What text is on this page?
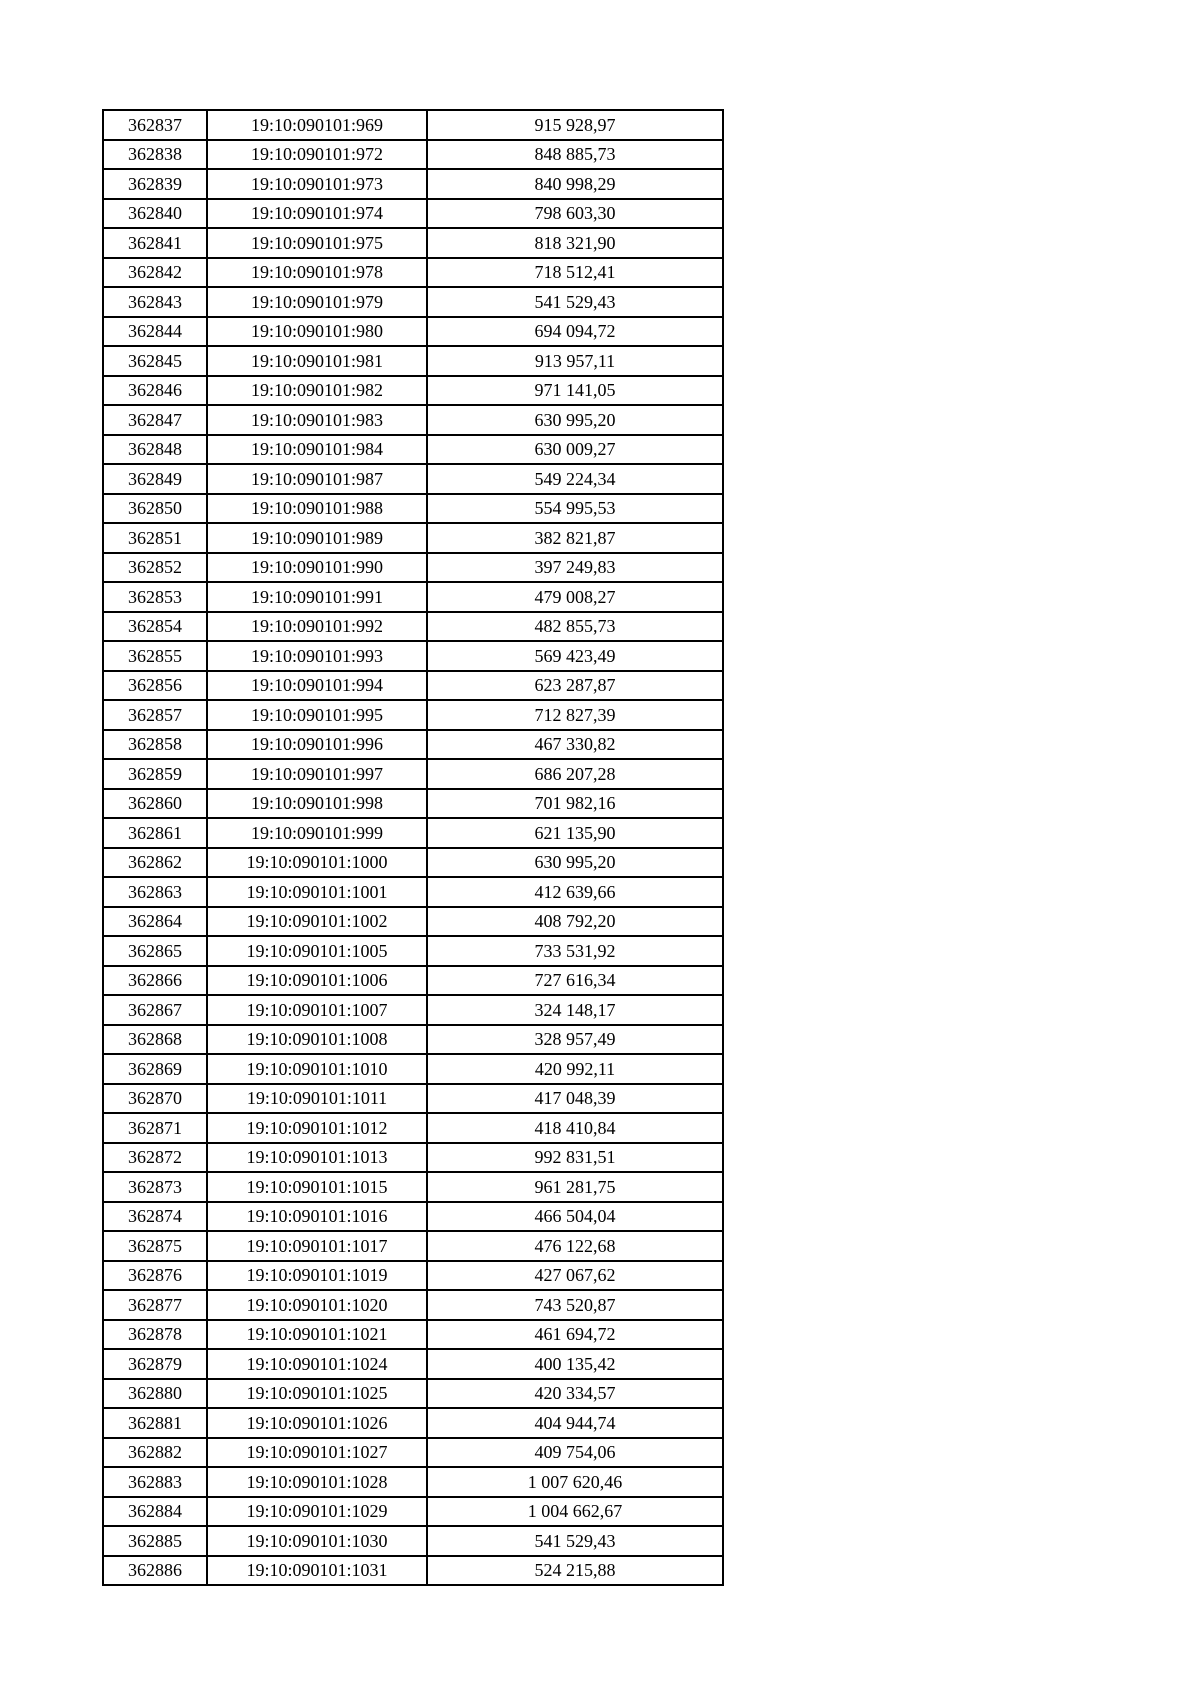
362837	19:10:090101:969	915 928,97
362838	19:10:090101:972	848 885,73
362839	19:10:090101:973	840 998,29
362840	19:10:090101:974	798 603,30
362841	19:10:090101:975	818 321,90
362842	19:10:090101:978	718 512,41
362843	19:10:090101:979	541 529,43
362844	19:10:090101:980	694 094,72
362845	19:10:090101:981	913 957,11
362846	19:10:090101:982	971 141,05
362847	19:10:090101:983	630 995,20
362848	19:10:090101:984	630 009,27
362849	19:10:090101:987	549 224,34
362850	19:10:090101:988	554 995,53
362851	19:10:090101:989	382 821,87
362852	19:10:090101:990	397 249,83
362853	19:10:090101:991	479 008,27
362854	19:10:090101:992	482 855,73
362855	19:10:090101:993	569 423,49
362856	19:10:090101:994	623 287,87
362857	19:10:090101:995	712 827,39
362858	19:10:090101:996	467 330,82
362859	19:10:090101:997	686 207,28
362860	19:10:090101:998	701 982,16
362861	19:10:090101:999	621 135,90
362862	19:10:090101:1000	630 995,20
362863	19:10:090101:1001	412 639,66
362864	19:10:090101:1002	408 792,20
362865	19:10:090101:1005	733 531,92
362866	19:10:090101:1006	727 616,34
362867	19:10:090101:1007	324 148,17
362868	19:10:090101:1008	328 957,49
362869	19:10:090101:1010	420 992,11
362870	19:10:090101:1011	417 048,39
362871	19:10:090101:1012	418 410,84
362872	19:10:090101:1013	992 831,51
362873	19:10:090101:1015	961 281,75
362874	19:10:090101:1016	466 504,04
362875	19:10:090101:1017	476 122,68
362876	19:10:090101:1019	427 067,62
362877	19:10:090101:1020	743 520,87
362878	19:10:090101:1021	461 694,72
362879	19:10:090101:1024	400 135,42
362880	19:10:090101:1025	420 334,57
362881	19:10:090101:1026	404 944,74
362882	19:10:090101:1027	409 754,06
362883	19:10:090101:1028	1 007 620,46
362884	19:10:090101:1029	1 004 662,67
362885	19:10:090101:1030	541 529,43
362886	19:10:090101:1031	524 215,88
